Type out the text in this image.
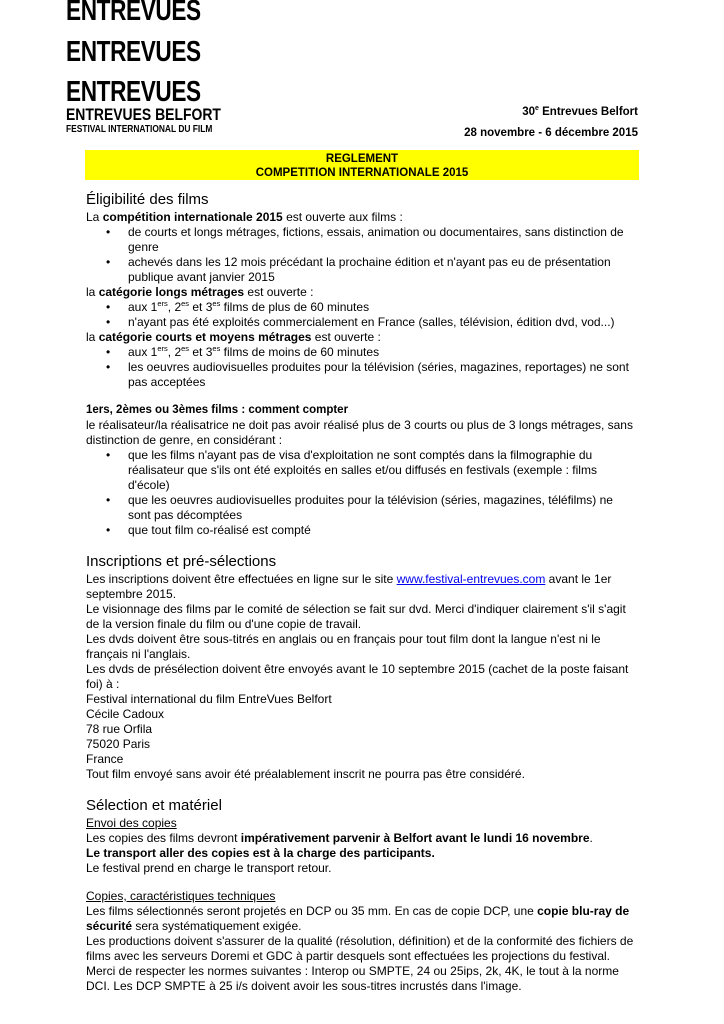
ENTREVUES
ENTREVUES
ENTREVUES
ENTREVUES BELFORT
FESTIVAL INTERNATIONAL DU FILM
30e Entrevues Belfort
28 novembre - 6 décembre 2015
REGLEMENT
COMPETITION INTERNATIONALE 2015
Éligibilité des films

La compétition internationale 2015 est ouverte aux films :

• de courts et longs métrages, fictions, essais, animation ou documentaires, sans distinction de genre
• achevés dans les 12 mois précédant la prochaine édition et n'ayant pas eu de présentation publique avant janvier 2015

la catégorie longs métrages est ouverte :

• aux 1ers, $2^{es}$ et $3^{es}$ films de plus de 60 minutes
• n'ayant pas été exploités commercialement en France (salles, télévision, édition dvd, vod...)

la catégorie courts et moyens métrages est ouverte :

• aux 1ers, $2^{es}$ et $3^{es}$ films de moins de 60 minutes
• les oeuvres audiovisuelles produites pour la télévision (séries, magazines, reportages) ne sont pas acceptées

1ers, 2èmes ou 3èmes films : comment compter

le réalisateur/la réalisatrice ne doit pas avoir réalisé plus de 3 courts ou plus de 3 longs métrages, sans distinction de genre, en considérant :

• que les films n'ayant pas de visa d'exploitation ne sont comptés dans la filmographie du réalisateur que s'ils ont été exploités en salles et/ou diffusés en festivals (exemple : films d'école)
• que les oeuvres audiovisuelles produites pour la télévision (séries, magazines, téléfilms) ne sont pas décomptées
• que tout film co-réalisé est compté
Inscriptions et pré-sélections

Les inscriptions doivent être effectuées en ligne sur le site www.festival-entrevues.com avant le 1er septembre 2015.

Le visionnage des films par le comité de sélection se fait sur dvd. Merci d'indiquer clairement s'il s'agit de la version finale du film ou d'une copie de travail.

Les dvds doivent être sous-titrés en anglais ou en français pour tout film dont la langue n'est ni le français ni l'anglais.

Les dvds de présélection doivent être envoyés avant le 10 septembre 2015 (cachet de la poste faisant foi) à :

Festival international du film EntreVues Belfort

Cécile Cadoux

78 rue Orfila

75020 Paris

France

Tout film envoyé sans avoir été préalablement inscrit ne pourra pas être considéré.

Sélection et matériel

Envoi des copies

Les copies des films devront impérativement parvenir à Belfort avant le lundi 16 novembre.

Le transport aller des copies est à la charge des participants.

Le festival prend en charge le transport retour.

Copies, caractéristiques techniques

Les films sélectionnés seront projetés en DCP ou 35 mm. En cas de copie DCP, une copie blu-ray de sécurité sera systématiquement exigée.

Les productions doivent s'assurer de la qualité (résolution, définition) et de la conformité des fichiers de films avec les serveurs Doremi et GDC à partir desquels sont effectuées les projections du festival. Merci de respecter les normes suivantes : Interop ou SMPTE, 24 ou 25ips, 2k, 4K, le tout à la norme DCI. Les DCP SMPTE à 25 i/s doivent avoir les sous-titres incrustés dans l'image.
